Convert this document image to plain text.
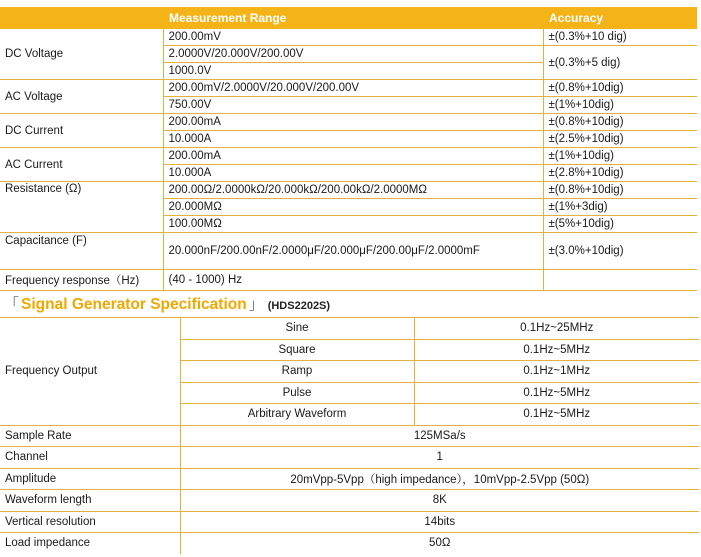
	Measurement Range	Accuracy
DC Voltage	200.00mV	±(0.3%+10 dig)
	2.0000V/20.000V/200.00V	±(0.3%+5 dig)
	1000.0V	
AC Voltage	200.00mV/2.0000V/20.000V/200.00V	±(0.8%+10dig)
	750.00V	±(1%+10dig)
DC Current	200.00mA	±(0.8%+10dig)
	10.000A	±(2.5%+10dig)
AC Current	200.00mA	±(1%+10dig)
	10.000A	±(2.8%+10dig)
Resistance (Ω)	200.00Ω/2.0000kΩ/20.000kΩ/200.00kΩ/2.0000MΩ	±(0.8%+10dig)
	20.000MΩ	±(1%+3dig)
	100.00MΩ	±(5%+10dig)
Capacitance (F)	20.000nF/200.00nF/2.0000μF/20.000μF/200.00μF/2.0000mF	±(3.0%+10dig)
Frequency response（Hz)	(40 - 1000) Hz	
「 Signal Generator Specification 」 (HDS2202S)
Frequency Output	Sine	0.1Hz~25MHz
	Square	0.1Hz~5MHz
	Ramp	0.1Hz~1MHz
	Pulse	0.1Hz~5MHz
	Arbitrary Waveform	0.1Hz~5MHz
Sample Rate	125MSa/s	
Channel	1	
Amplitude	20mVpp-5Vpp（high impedance），10mVpp-2.5Vpp (50Ω)	
Waveform length	8K	
Vertical resolution	14bits	
Load impedance	50Ω	
